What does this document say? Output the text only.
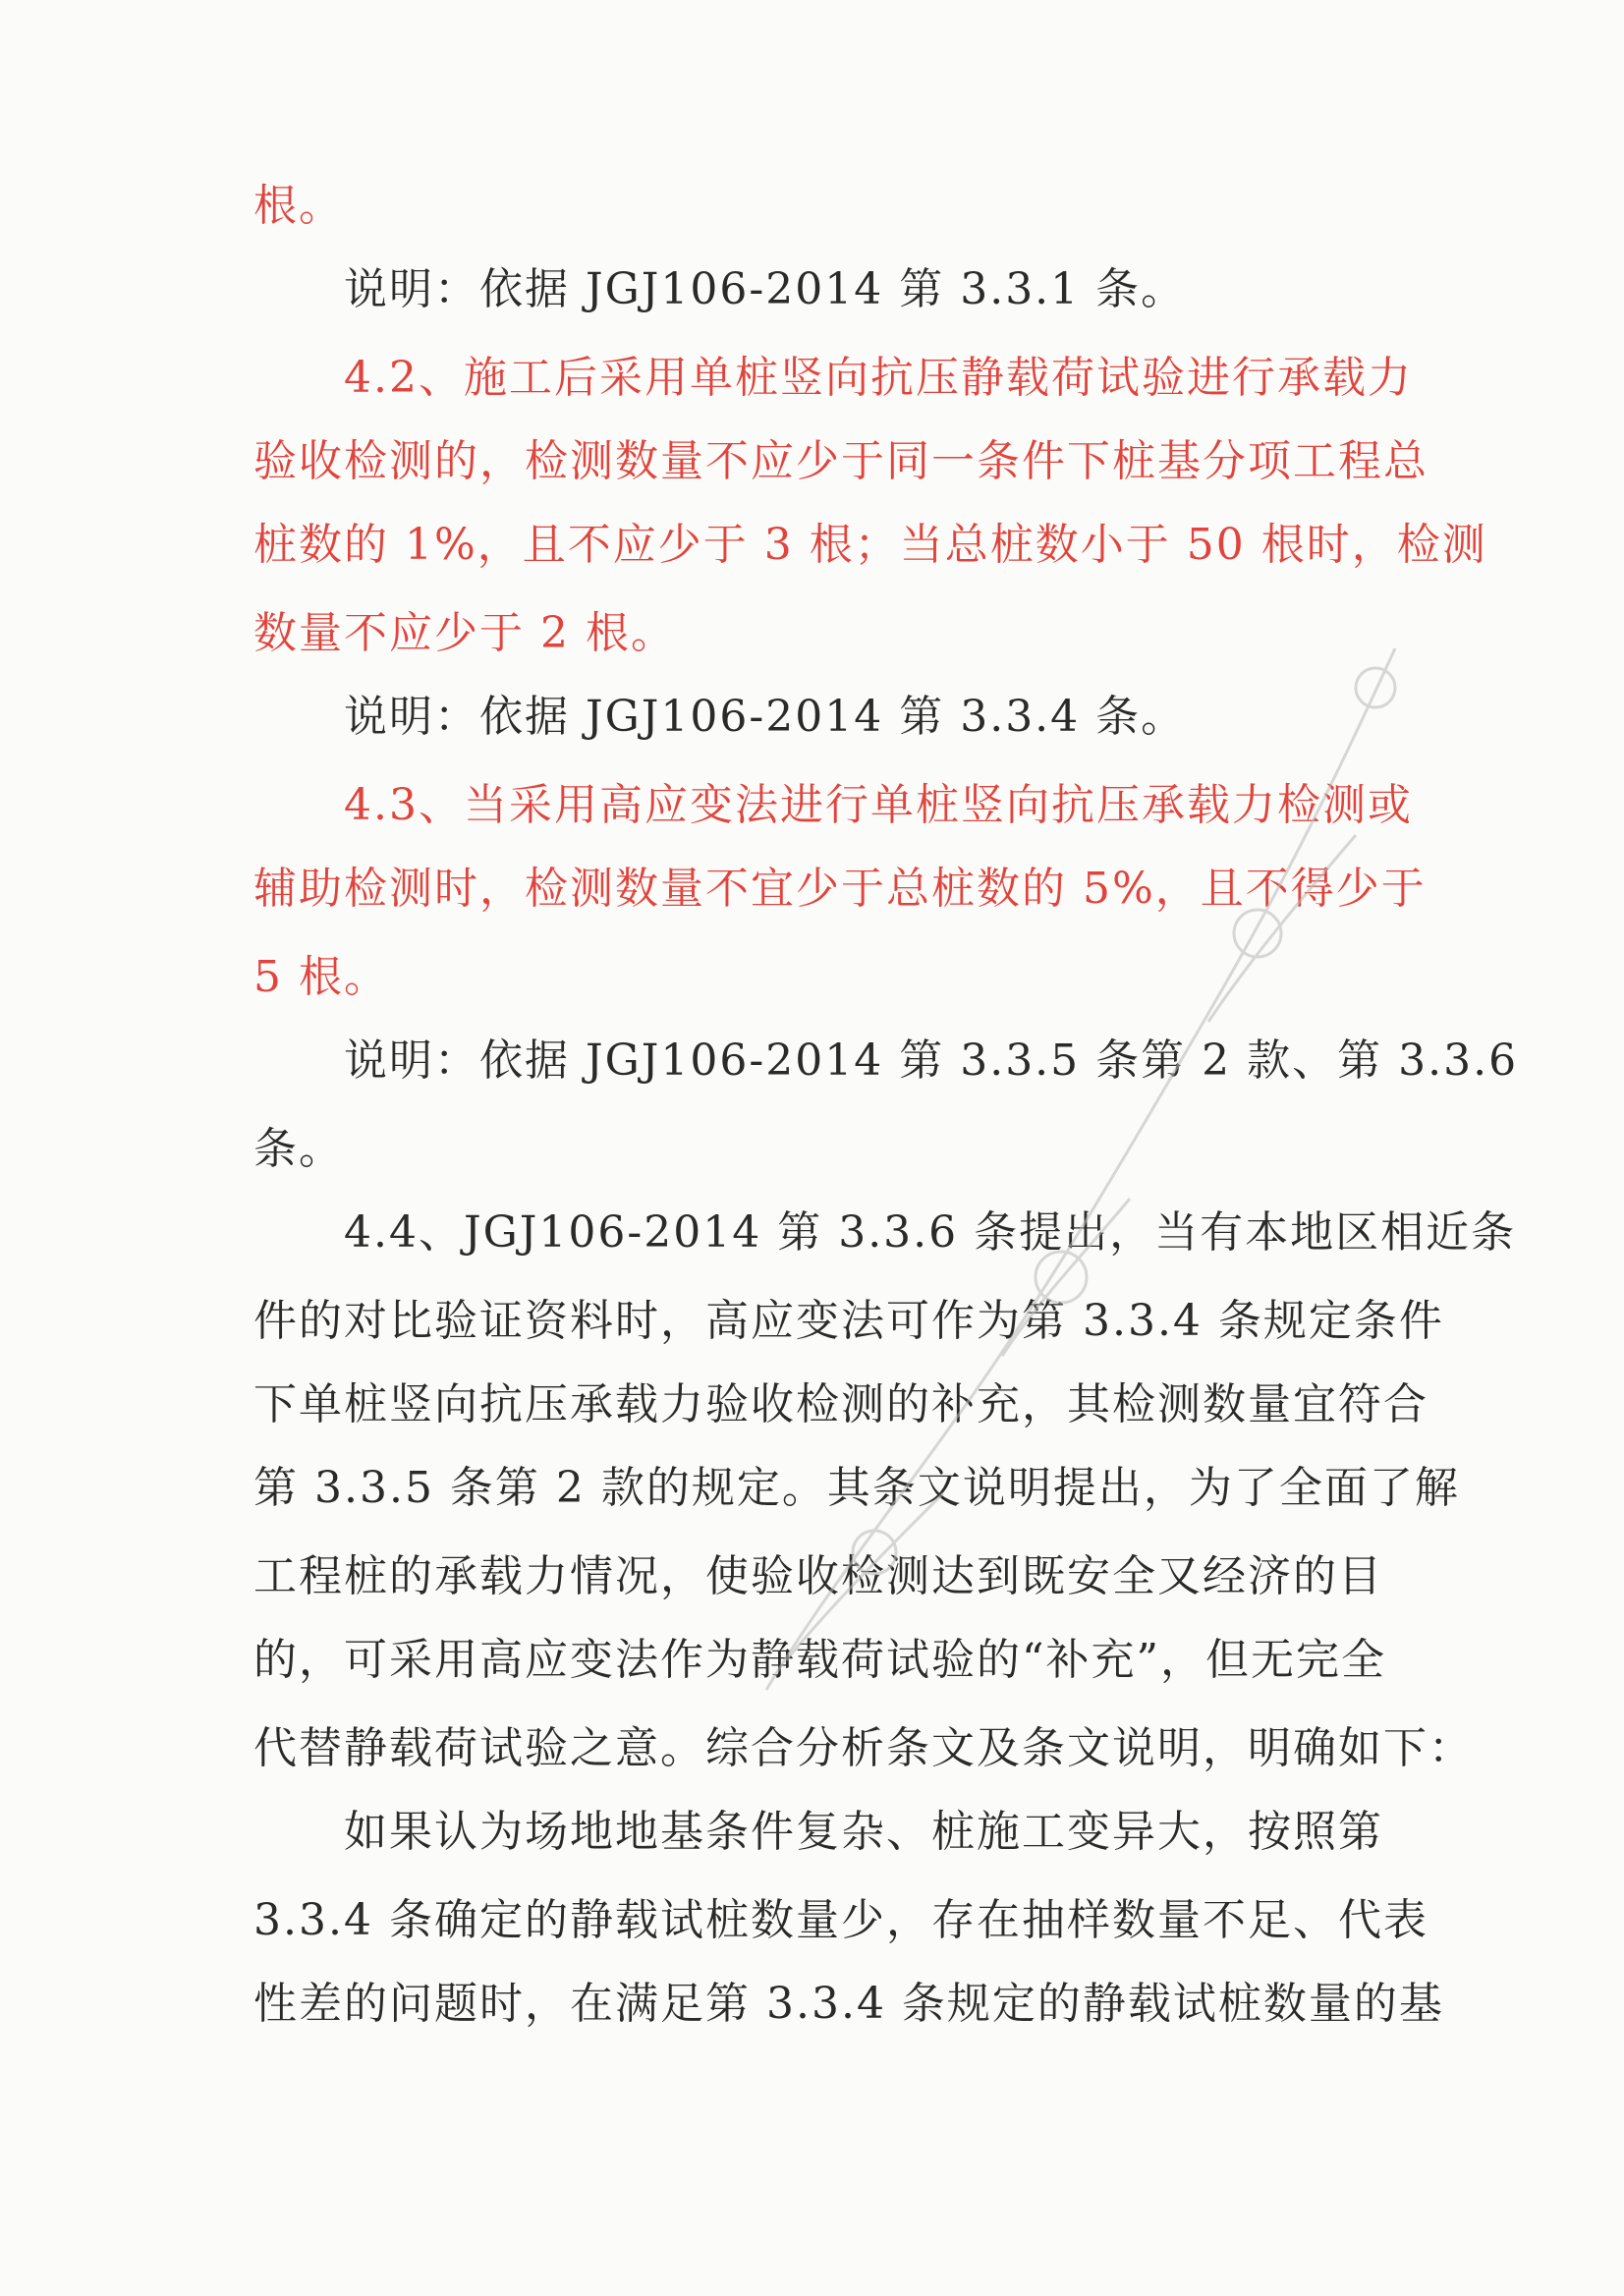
根。
　　说明：依据 JGJ106-2014 第 3.3.1 条。
　　4.2、施工后采用单桩竖向抗压静载荷试验进行承载力
验收检测的，检测数量不应少于同一条件下桩基分项工程总
桩数的 1%，且不应少于 3 根；当总桩数小于 50 根时，检测
数量不应少于 2 根。
　　说明：依据 JGJ106-2014 第 3.3.4 条。
　　4.3、当采用高应变法进行单桩竖向抗压承载力检测或
辅助检测时，检测数量不宜少于总桩数的 5%，且不得少于
5 根。
　　说明：依据 JGJ106-2014 第 3.3.5 条第 2 款、第 3.3.6
条。
　　4.4、JGJ106-2014 第 3.3.6 条提出，当有本地区相近条
件的对比验证资料时，高应变法可作为第 3.3.4 条规定条件
下单桩竖向抗压承载力验收检测的补充，其检测数量宜符合
第 3.3.5 条第 2 款的规定。其条文说明提出，为了全面了解
工程桩的承载力情况，使验收检测达到既安全又经济的目
的，可采用高应变法作为静载荷试验的“补充”，但无完全
代替静载荷试验之意。综合分析条文及条文说明，明确如下：
　　如果认为场地地基条件复杂、桩施工变异大，按照第
3.3.4 条确定的静载试桩数量少，存在抽样数量不足、代表
性差的问题时，在满足第 3.3.4 条规定的静载试桩数量的基
